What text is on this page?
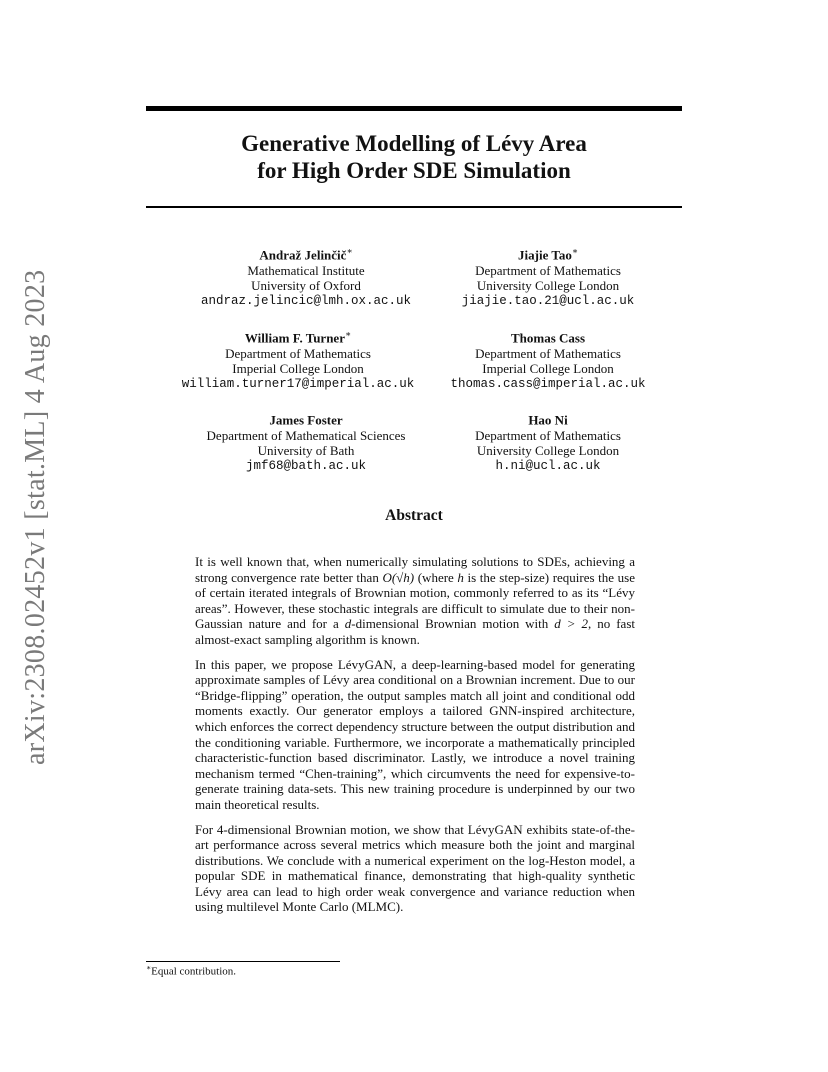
arXiv:2308.02452v1 [stat.ML] 4 Aug 2023
Generative Modelling of Lévy Area
for High Order SDE Simulation
Andraž Jelinčič∗
Mathematical Institute
University of Oxford
andraz.jelincic@lmh.ox.ac.uk
Jiajie Tao∗
Department of Mathematics
University College London
jiajie.tao.21@ucl.ac.uk
William F. Turner∗
Department of Mathematics
Imperial College London
william.turner17@imperial.ac.uk
Thomas Cass
Department of Mathematics
Imperial College London
thomas.cass@imperial.ac.uk
James Foster
Department of Mathematical Sciences
University of Bath
jmf68@bath.ac.uk
Hao Ni
Department of Mathematics
University College London
h.ni@ucl.ac.uk
Abstract

It is well known that, when numerically simulating solutions to SDEs, achieving a strong convergence rate better than O(√h) (where h is the step-size) requires the use of certain iterated integrals of Brownian motion, commonly referred to as its “Lévy areas”. However, these stochastic integrals are difficult to simulate due to their non-Gaussian nature and for a d-dimensional Brownian motion with d > 2, no fast almost-exact sampling algorithm is known.

In this paper, we propose LévyGAN, a deep-learning-based model for generating approximate samples of Lévy area conditional on a Brownian increment. Due to our “Bridge-flipping” operation, the output samples match all joint and conditional odd moments exactly. Our generator employs a tailored GNN-inspired architecture, which enforces the correct dependency structure between the output distribution and the conditioning variable. Furthermore, we incorporate a mathematically principled characteristic-function based discriminator. Lastly, we introduce a novel training mechanism termed “Chen-training”, which circumvents the need for expensive-to-generate training data-sets. This new training procedure is underpinned by our two main theoretical results.

For 4-dimensional Brownian motion, we show that LévyGAN exhibits state-of-the-art performance across several metrics which measure both the joint and marginal distributions. We conclude with a numerical experiment on the log-Heston model, a popular SDE in mathematical finance, demonstrating that high-quality synthetic Lévy area can lead to high order weak convergence and variance reduction when using multilevel Monte Carlo (MLMC).

∗Equal contribution.
